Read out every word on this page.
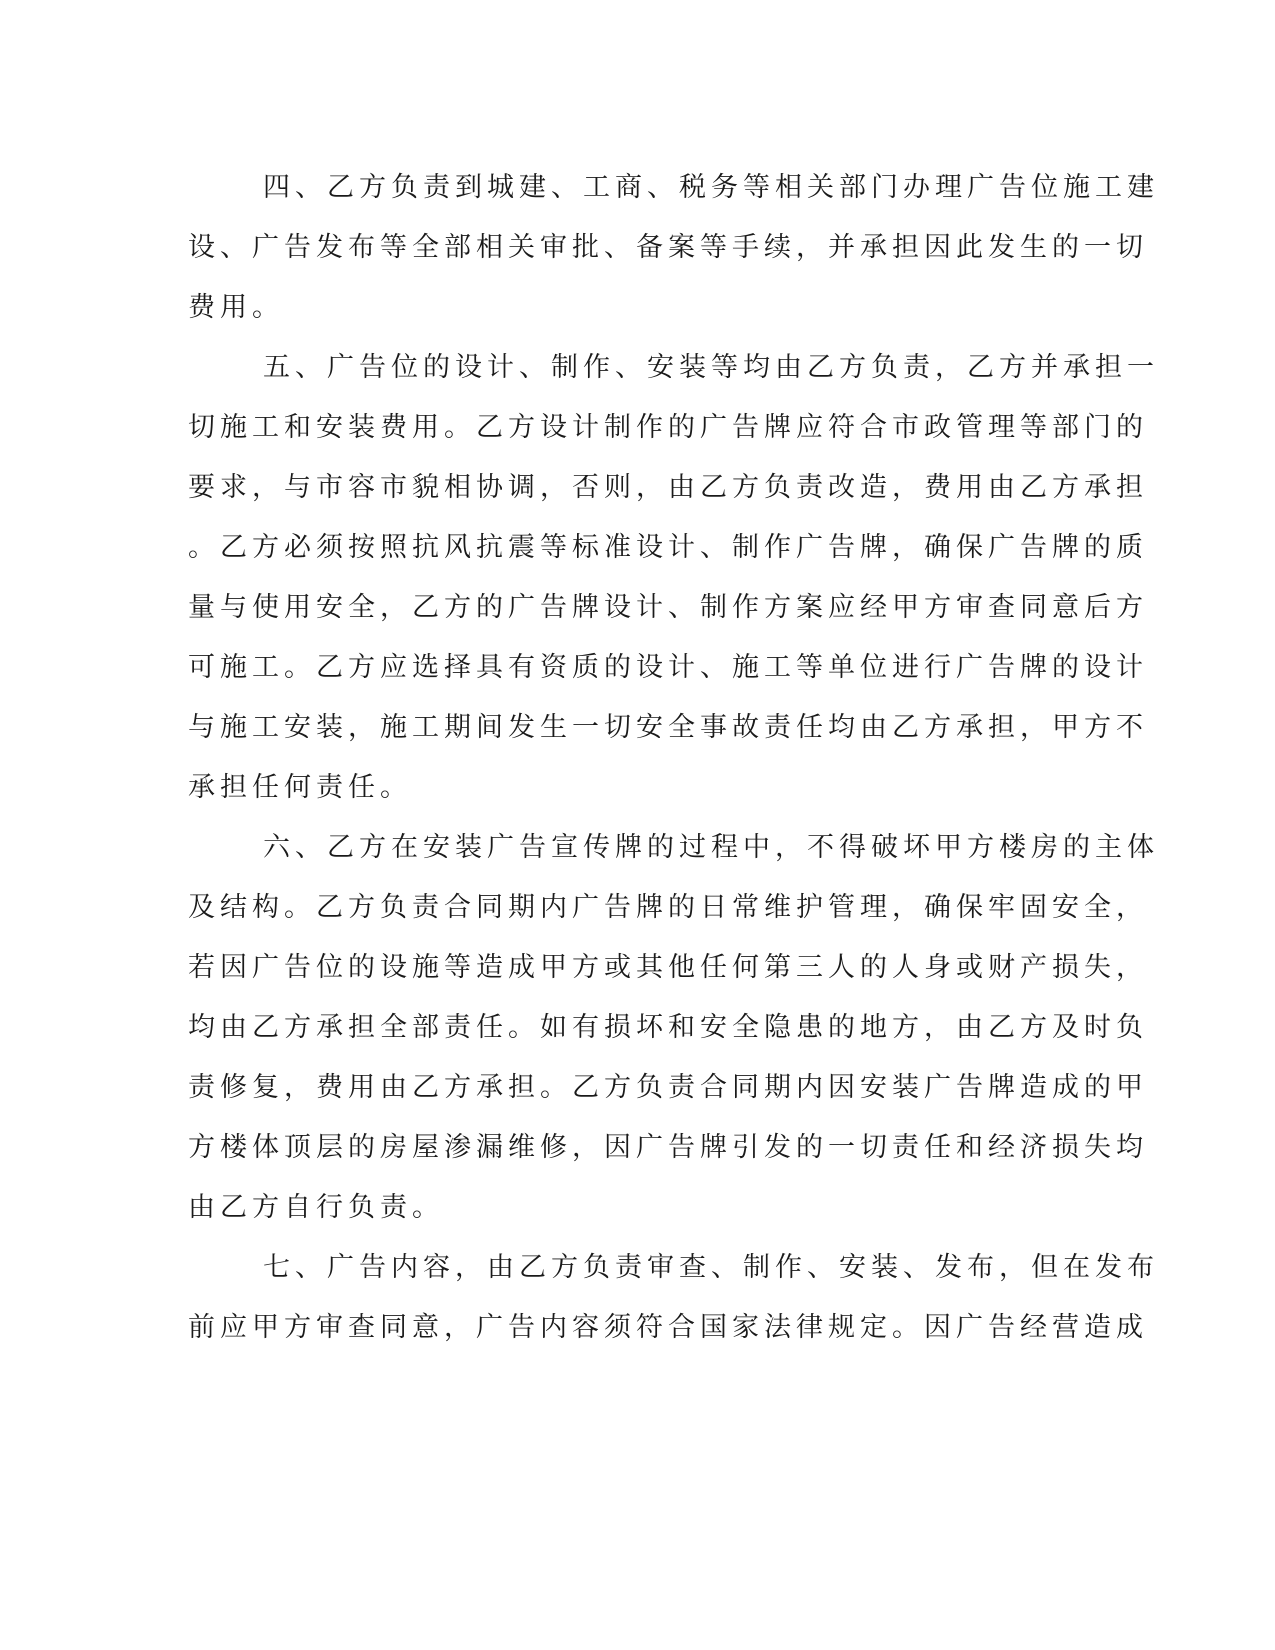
四、乙方负责到城建、工商、税务等相关部门办理广告位施工建
设、广告发布等全部相关审批、备案等手续，并承担因此发生的一切
费用。
五、广告位的设计、制作、安装等均由乙方负责，乙方并承担一
切施工和安装费用。乙方设计制作的广告牌应符合市政管理等部门的
要求，与市容市貌相协调，否则，由乙方负责改造，费用由乙方承担
。乙方必须按照抗风抗震等标准设计、制作广告牌，确保广告牌的质
量与使用安全，乙方的广告牌设计、制作方案应经甲方审查同意后方
可施工。乙方应选择具有资质的设计、施工等单位进行广告牌的设计
与施工安装，施工期间发生一切安全事故责任均由乙方承担，甲方不
承担任何责任。
六、乙方在安装广告宣传牌的过程中，不得破坏甲方楼房的主体
及结构。乙方负责合同期内广告牌的日常维护管理，确保牢固安全，
若因广告位的设施等造成甲方或其他任何第三人的人身或财产损失，
均由乙方承担全部责任。如有损坏和安全隐患的地方，由乙方及时负
责修复，费用由乙方承担。乙方负责合同期内因安装广告牌造成的甲
方楼体顶层的房屋渗漏维修，因广告牌引发的一切责任和经济损失均
由乙方自行负责。
七、广告内容，由乙方负责审查、制作、安装、发布，但在发布
前应甲方审查同意，广告内容须符合国家法律规定。因广告经营造成
